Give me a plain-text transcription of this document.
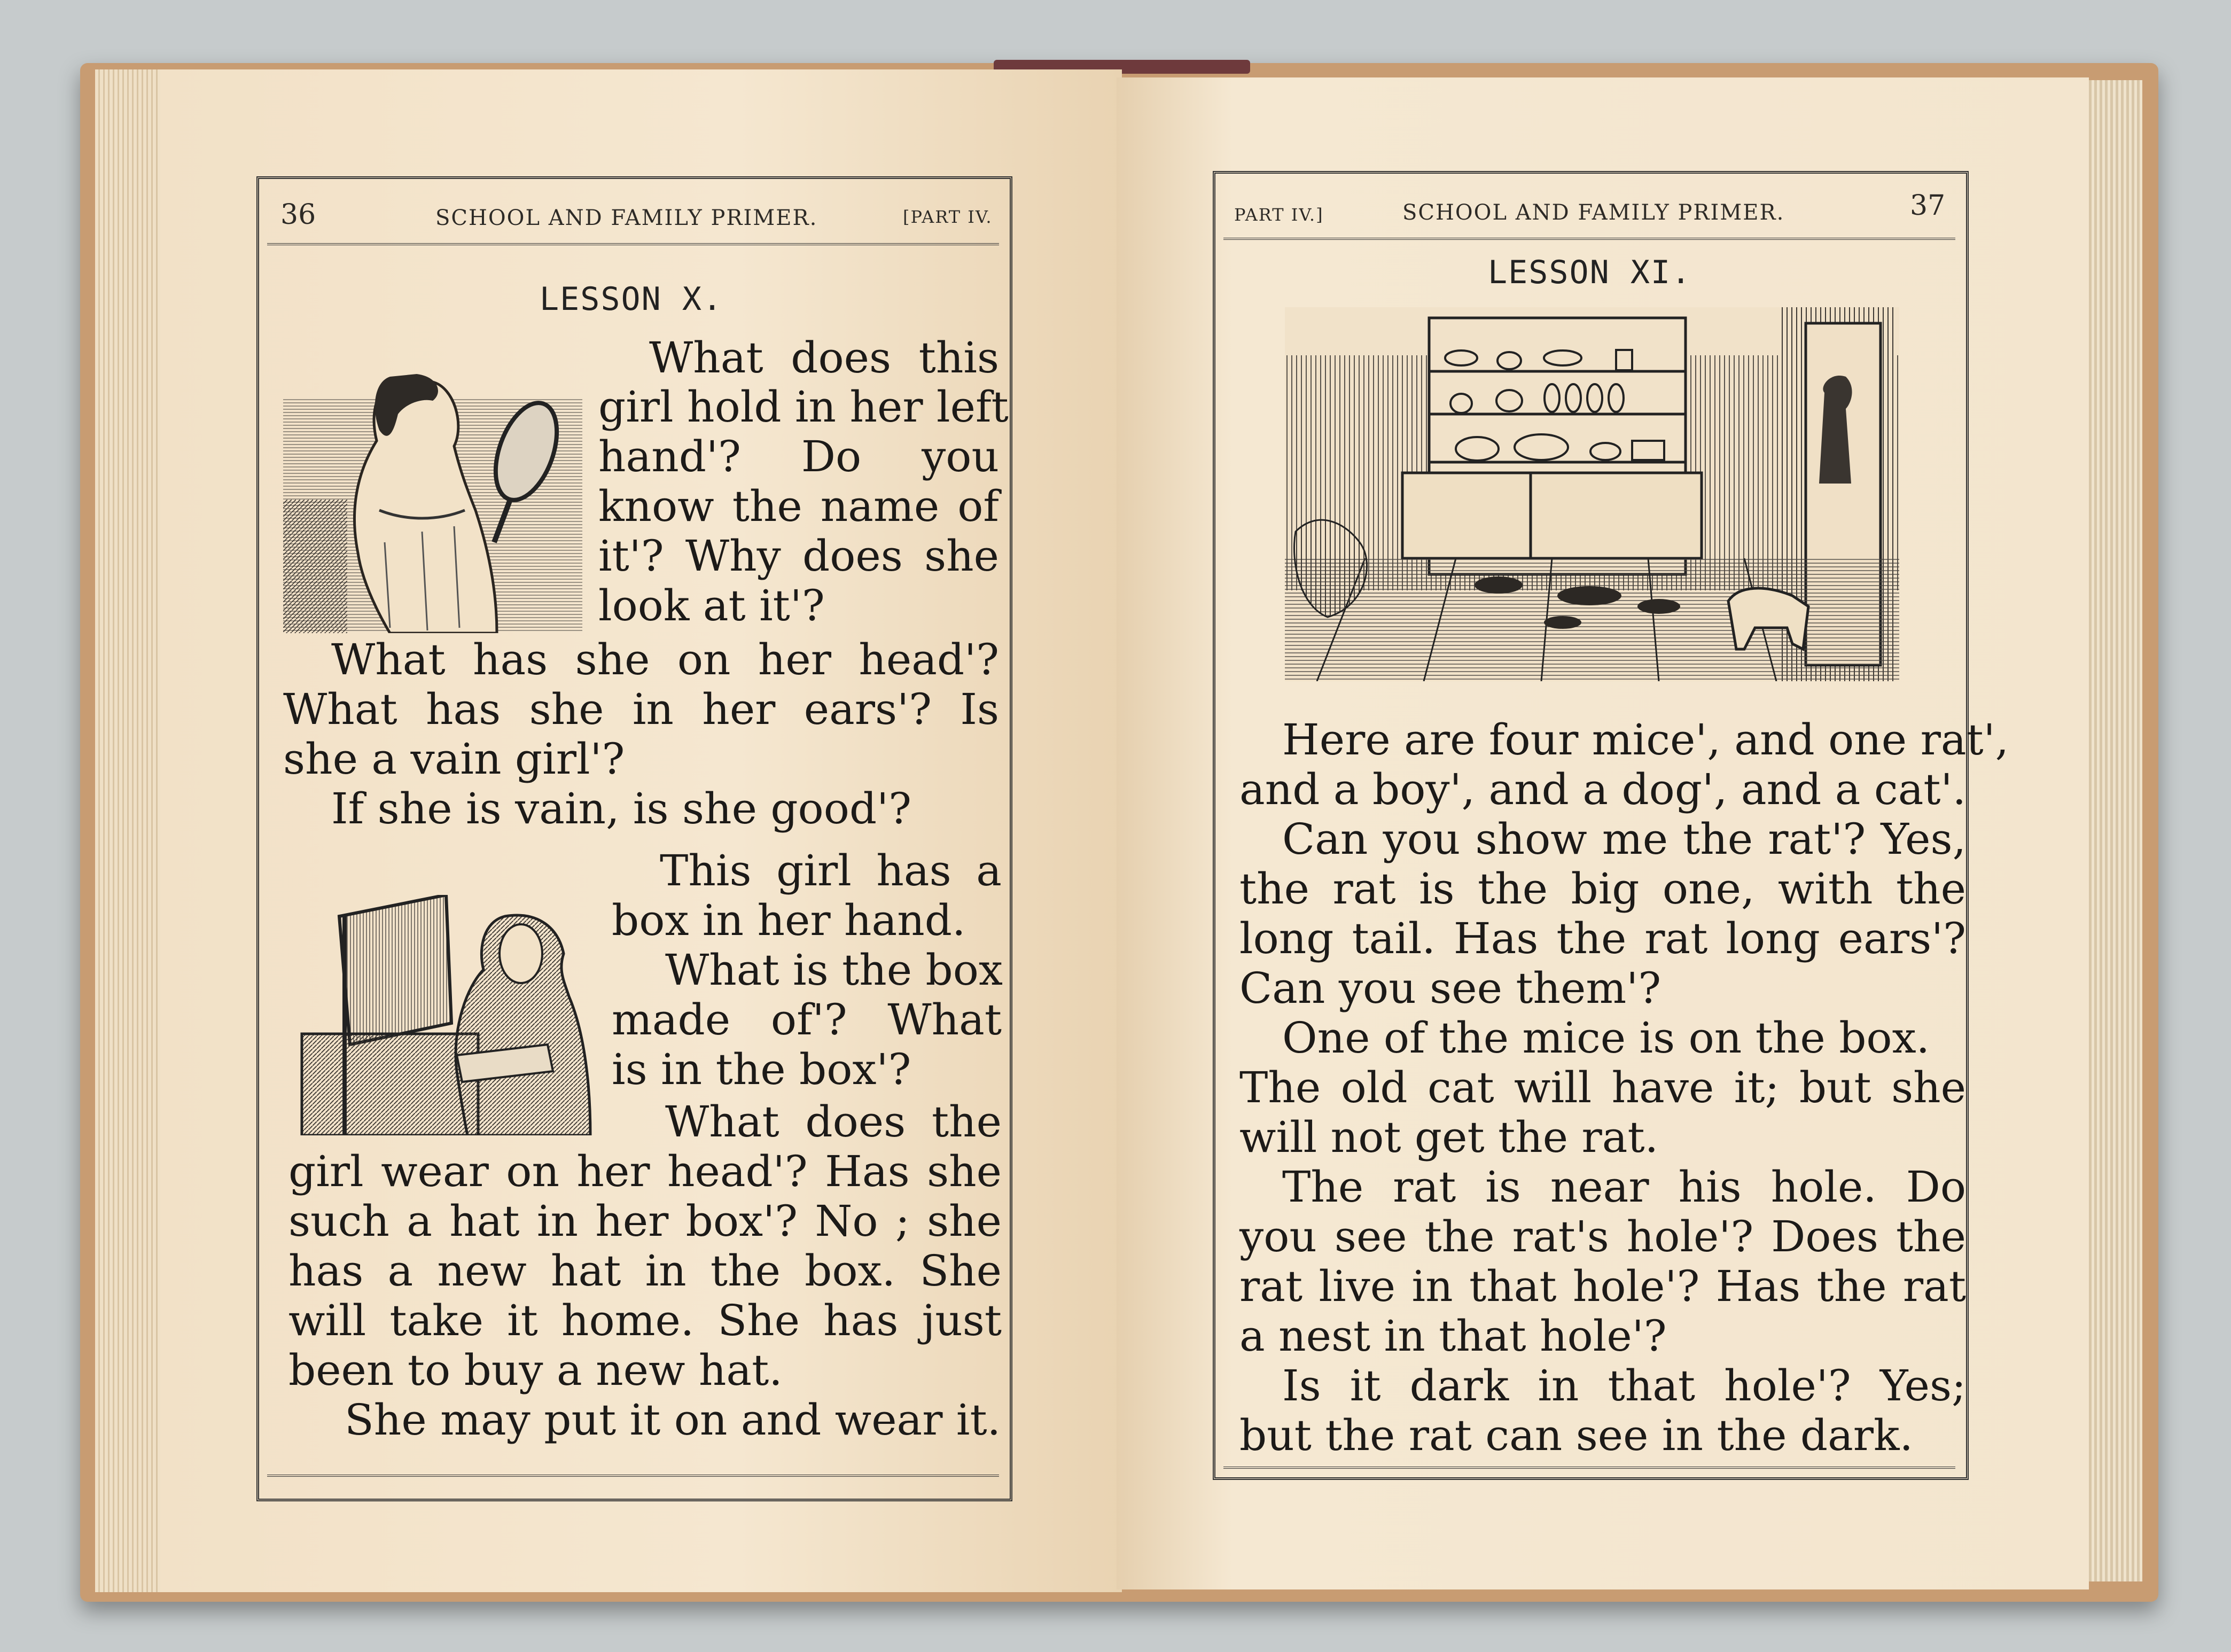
36	SCHOOL AND FAMILY PRIMER.	[PART IV.
LESSON X.
What does this
girl hold in her left
hand'? Do you
know the name of
it'? Why does she
look at it'?
What has she on her head'?
What has she in her ears'? Is
she a vain girl'?
If she is vain, is she good'?
This girl has a
box in her hand.
What is the box
made of'? What
is in the box'?
What does the
girl wear on her head'? Has she
such a hat in her box'? No ; she
has a new hat in the box. She
will take it home. She has just
been to buy a new hat.
She may put it on and wear it.
PART IV.]	SCHOOL AND FAMILY PRIMER.	37
LESSON XI.
Here are four mice', and one rat',
and a boy', and a dog', and a cat'.
Can you show me the rat'? Yes,
the rat is the big one, with the
long tail. Has the rat long ears'?
Can you see them'?
One of the mice is on the box.
The old cat will have it; but she
will not get the rat.
The rat is near his hole. Do
you see the rat's hole'? Does the
rat live in that hole'? Has the rat
a nest in that hole'?
Is it dark in that hole'? Yes;
but the rat can see in the dark.
